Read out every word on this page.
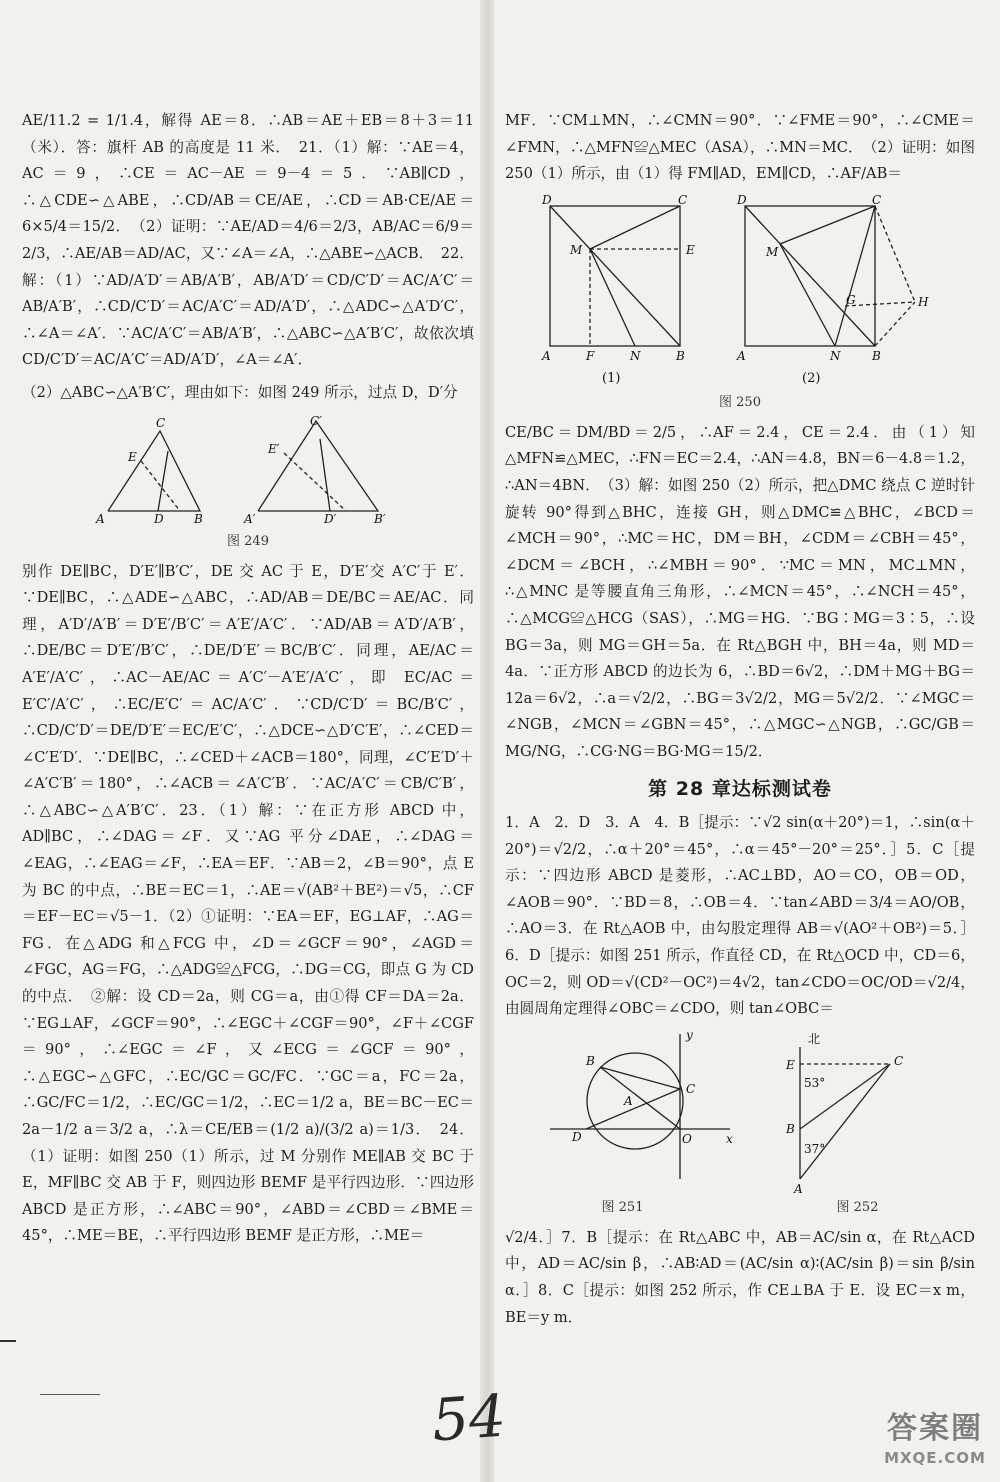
AE/11.2 = 1/1.4，解得 AE＝8．∴AB＝AE＋EB＝8＋3＝11（米）．答：旗杆 AB 的高度是 11 米．　21．（1）解：∵AE＝4，AC＝9，∴CE＝AC－AE＝9－4＝5．∵AB∥CD，∴△CDE∽△ABE，∴CD/AB＝CE/AE，∴CD＝AB·CE/AE＝6×5/4＝15/2．　（2）证明：∵AE/AD＝4/6＝2/3，AB/AC＝6/9＝2/3，∴AE/AB＝AD/AC，又∵∠A＝∠A，∴△ABE∽△ACB．　22．解：（1）∵AD/A′D′＝AB/A′B′，AB/A′D′＝CD/C′D′＝AC/A′C′＝AB/A′B′，∴CD/C′D′＝AC/A′C′＝AD/A′D′，∴△ADC∽△A′D′C′，∴∠A＝∠A′．∵AC/A′C′＝AB/A′B′，∴△ABC∽△A′B′C′，故依次填 CD/C′D′＝AC/A′C′＝AD/A′D′，∠A＝∠A′．

（2）△ABC∽△A′B′C′，理由如下：如图 249 所示，过点 D，D′分

A	D	B
C
E
A′	D′	B′
C′
E′
图 249

别作 DE∥BC，D′E′∥B′C′，DE 交 AC 于 E，D′E′交 A′C′于 E′．∵DE∥BC，∴△ADE∽△ABC，∴AD/AB＝DE/BC＝AE/AC．同理，A′D′/A′B′＝D′E′/B′C′＝A′E′/A′C′．∵AD/AB＝A′D′/A′B′，∴DE/BC＝D′E′/B′C′，∴DE/D′E′＝BC/B′C′．同理，AE/AC＝A′E′/A′C′，∴AC－AE/AC＝A′C′－A′E′/A′C′，即 EC/AC＝E′C′/A′C′，∴EC/E′C′＝AC/A′C′．∵CD/C′D′＝BC/B′C′，∴CD/C′D′＝DE/D′E′＝EC/E′C′，∴△DCE∽△D′C′E′，∴∠CED＝∠C′E′D′．∵DE∥BC，∴∠CED＋∠ACB＝180°，同理，∠C′E′D′＋∠A′C′B′＝180°，∴∠ACB＝∠A′C′B′．∵AC/A′C′＝CB/C′B′，∴△ABC∽△A′B′C′．23．（1）解：∵在正方形 ABCD 中，AD∥BC，∴∠DAG＝∠F．又∵AG 平分∠DAE，∴∠DAG＝∠EAG，∴∠EAG＝∠F，∴EA＝EF．∵AB＝2，∠B＝90°，点 E 为 BC 的中点，∴BE＝EC＝1，∴AE＝√(AB²＋BE²)＝√5，∴CF＝EF－EC＝√5－1．（2）①证明：∵EA＝EF，EG⊥AF，∴AG＝FG．在△ADG 和△FCG 中，∠D＝∠GCF＝90°，∠AGD＝∠FGC，AG＝FG，∴△ADG≌△FCG，∴DG＝CG，即点 G 为 CD 的中点．　②解：设 CD＝2a，则 CG＝a，由①得 CF＝DA＝2a．∵EG⊥AF，∠GCF＝90°，∴∠EGC＋∠CGF＝90°，∠F＋∠CGF＝90°，∴∠EGC＝∠F，又∠ECG＝∠GCF＝90°，∴△EGC∽△GFC，∴EC/GC＝GC/FC．∵GC＝a，FC＝2a，∴GC/FC＝1/2，∴EC/GC＝1/2，∴EC＝1/2 a，BE＝BC－EC＝2a－1/2 a＝3/2 a，∴λ＝CE/EB＝(1/2 a)/(3/2 a)＝1/3．　24．（1）证明：如图 250（1）所示，过 M 分别作 ME∥AB 交 BC 于 E，MF∥BC 交 AB 于 F，则四边形 BEMF 是平行四边形．∵四边形 ABCD 是正方形，∴∠ABC＝90°，∠ABD＝∠CBD＝∠BME＝45°，∴ME＝BE，∴平行四边形 BEMF 是正方形，∴ME＝

MF．∵CM⊥MN，∴∠CMN＝90°．∵∠FME＝90°，∴∠CME＝∠FMN，∴△MFN≌△MEC（ASA），∴MN＝MC．　（2）证明：如图 250（1）所示，由（1）得 FM∥AD，EM∥CD，∴AF/AB＝

D	C
M	E
A	F	N	B
D	C
M
G	H
A	N	B
(1)	(2)
图 250

CE/BC＝DM/BD＝2/5，∴AF＝2.4，CE＝2.4．由（1）知△MFN≌△MEC，∴FN＝EC＝2.4，∴AN＝4.8，BN＝6－4.8＝1.2，∴AN＝4BN．　（3）解：如图 250（2）所示，把△DMC 绕点 C 逆时针旋转 90°得到△BHC，连接 GH，则△DMC≌△BHC，∠BCD＝∠MCH＝90°，∴MC＝HC，DM＝BH，∠CDM＝∠CBH＝45°，∠DCM＝∠BCH，∴∠MBH＝90°．∵MC＝MN，MC⊥MN，∴△MNC 是等腰直角三角形，∴∠MCN＝45°，∴∠NCH＝45°，∴△MCG≌△HCG（SAS），∴MG＝HG．∵BG∶MG＝3∶5，∴设 BG＝3a，则 MG＝GH＝5a．在 Rt△BGH 中，BH＝4a，则 MD＝4a．∵正方形 ABCD 的边长为 6，∴BD＝6√2，∴DM＋MG＋BG＝12a＝6√2，∴a＝√2/2，∴BG＝3√2/2，MG＝5√2/2．∵∠MGC＝∠NGB，∠MCN＝∠GBN＝45°，∴△MGC∽△NGB，∴GC/GB＝MG/NG，∴CG·NG＝BG·MG＝15/2．

第 28 章达标测试卷

1．A　2．D　3．A　4．B［提示：∵√2 sin(α＋20°)＝1，∴sin(α＋20°)＝√2/2，∴α＋20°＝45°，∴α＝45°－20°＝25°．］5．C［提示：∵四边形 ABCD 是菱形，∴AC⊥BD，AO＝CO，OB＝OD，∠AOB＝90°．∵BD＝8，∴OB＝4．∵tan∠ABD＝3/4＝AO/OB，∴AO＝3．在 Rt△AOB 中，由勾股定理得 AB＝√(AO²＋OB²)＝5．］6．D［提示：如图 251 所示，作直径 CD，在 Rt△OCD 中，CD＝6，OC＝2，则 OD＝√(CD²－OC²)＝4√2，tan∠CDO＝OC/OD＝√2/4，由圆周角定理得∠OBC＝∠CDO，则 tan∠OBC＝

y
B
C
A
D	O	x
北
E	C
53°
B
37°
A
图 251	图 252

√2/4．］7．B［提示：在 Rt△ABC 中，AB＝AC/sin α，在 Rt△ACD 中，AD＝AC/sin β，∴AB∶AD＝(AC/sin α)∶(AC/sin β)＝sin β/sin α．］8．C［提示：如图 252 所示，作 CE⊥BA 于 E．设 EC＝x m，BE＝y m．

54	答案圈
MXQE.COM
